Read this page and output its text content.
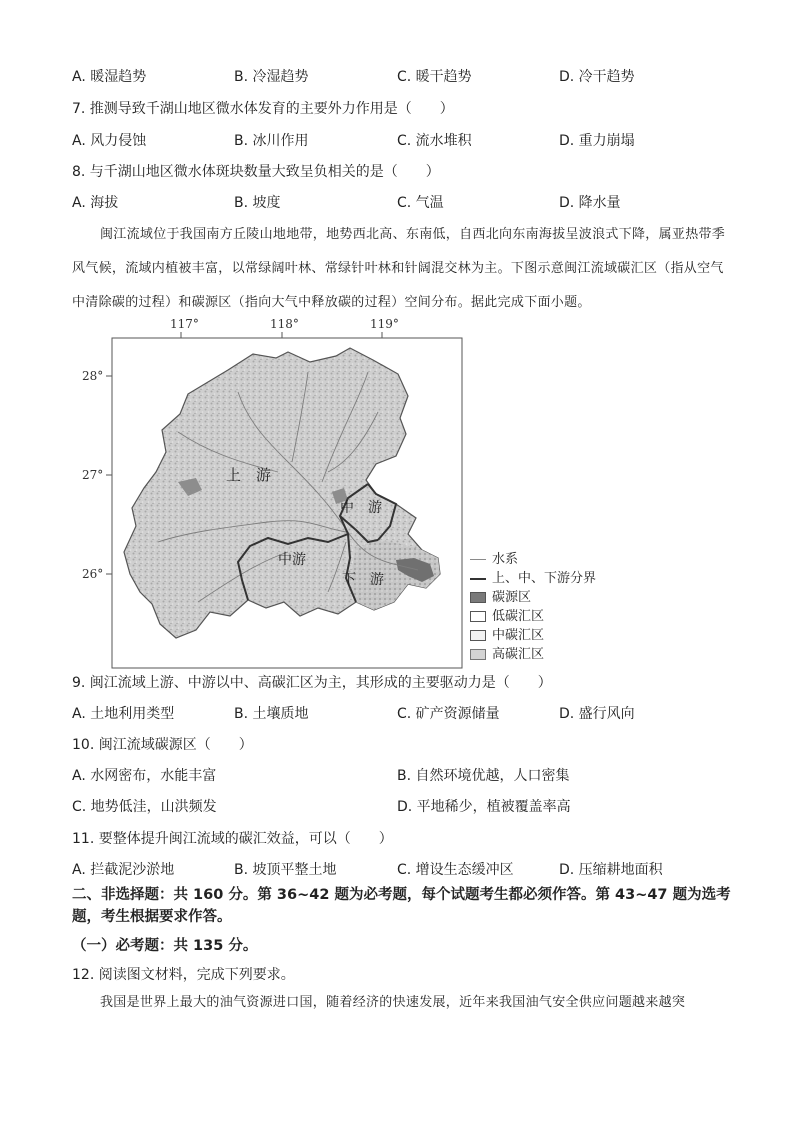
A. 暖湿趋势	B. 冷湿趋势	C. 暖干趋势	D. 冷干趋势
7. 推测导致千湖山地区微水体发育的主要外力作用是（　　）
A. 风力侵蚀	B. 冰川作用	C. 流水堆积	D. 重力崩塌
8. 与千湖山地区微水体斑块数量大致呈负相关的是（　　）
A. 海拔	B. 坡度	C. 气温	D. 降水量

闽江流域位于我国南方丘陵山地地带，地势西北高、东南低，自西北向东南海拔呈波浪式下降，属亚热带季风气候，流域内植被丰富，以常绿阔叶林、常绿针叶林和针阔混交林为主。下图示意闽江流域碳汇区（指从空气中清除碳的过程）和碳源区（指向大气中释放碳的过程）空间分布。据此完成下面小题。

117°	118°	119°
28°
27°
26°
上　游
中　游
中游
下　游
水系
上、中、下游分界
碳源区
低碳汇区
中碳汇区
高碳汇区
9. 闽江流域上游、中游以中、高碳汇区为主，其形成的主要驱动力是（　　）
A. 土地利用类型	B. 土壤质地	C. 矿产资源储量	D. 盛行风向
10. 闽江流域碳源区（　　）
A. 水网密布，水能丰富	B. 自然环境优越，人口密集
C. 地势低洼，山洪频发	D. 平地稀少，植被覆盖率高
11. 要整体提升闽江流域的碳汇效益，可以（　　）
A. 拦截泥沙淤地	B. 坡顶平整土地	C. 增设生态缓冲区	D. 压缩耕地面积
二、非选择题：共 160 分。第 36~42 题为必考题，每个试题考生都必须作答。第 43~47 题为选考题，考生根据要求作答。
（一）必考题：共 135 分。
12. 阅读图文材料，完成下列要求。

我国是世界上最大的油气资源进口国，随着经济的快速发展，近年来我国油气安全供应问题越来越突
